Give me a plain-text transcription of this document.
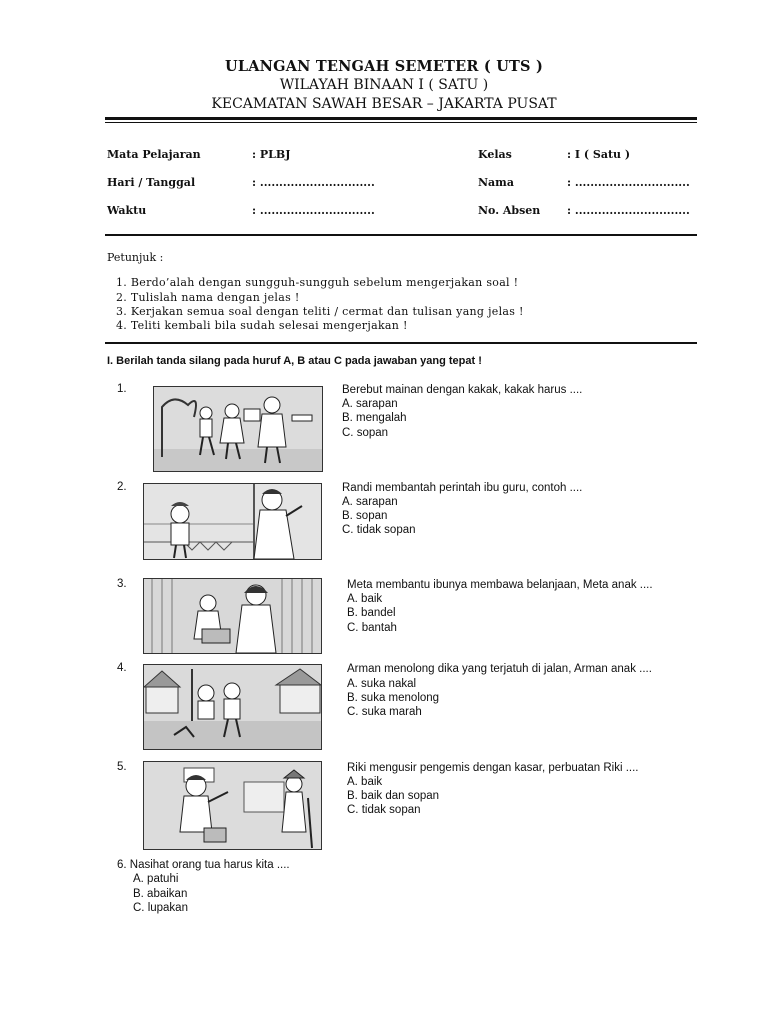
ULANGAN TENGAH SEMETER ( UTS )
WILAYAH BINAAN I ( SATU )
KECAMATAN SAWAH BESAR – JAKARTA PUSAT
Mata Pelajaran	: PLBJ	Kelas	: I ( Satu )
Hari / Tanggal	: ..............................	Nama	: ..............................
Waktu	: ..............................	No. Absen : ..............................
Petunjuk :
1. Berdo’alah dengan sungguh-sungguh sebelum mengerjakan soal !
2. Tulislah nama dengan jelas !
3. Kerjakan semua soal dengan teliti / cermat dan tulisan yang jelas !
4. Teliti kembali bila sudah selesai mengerjakan !
I. Berilah tanda silang pada huruf A, B atau C pada jawaban yang tepat !
1.	Berebut mainan dengan kakak, kakak harus ....
A. sarapan
B. mengalah
C. sopan
2.	Randi membantah perintah ibu guru, contoh ....
A. sarapan
B. sopan
C. tidak sopan
3.	Meta membantu ibunya membawa belanjaan, Meta anak ....
A. baik
B. bandel
C. bantah
4.	Arman menolong dika yang terjatuh di jalan, Arman anak ....
A. suka nakal
B. suka menolong
C. suka marah
5.	Riki mengusir pengemis dengan kasar, perbuatan Riki ....
A. baik
B. baik dan sopan
C. tidak sopan
6. Nasihat orang tua harus kita ....
A. patuhi
B. abaikan
C. lupakan
